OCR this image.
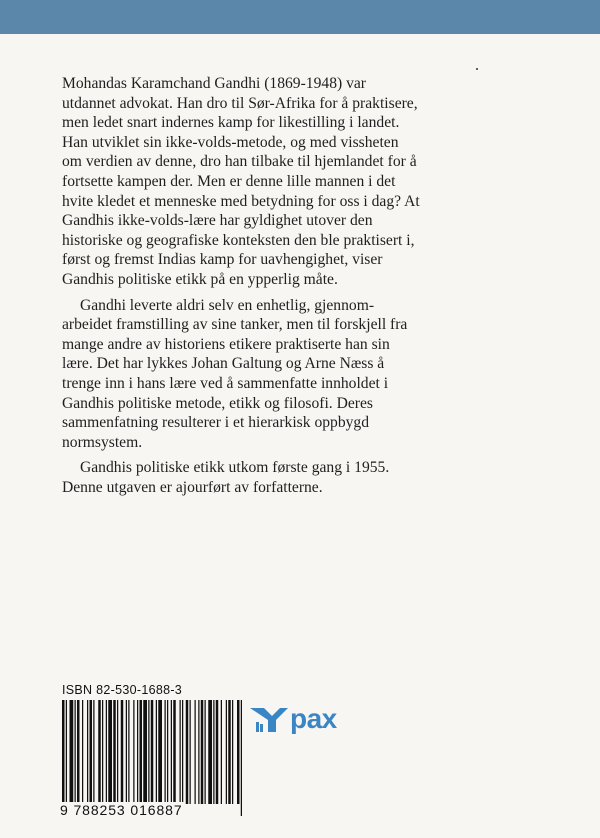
Mohandas Karamchand Gandhi (1869-1948) var utdannet advokat. Han dro til Sør-Afrika for å praktisere, men ledet snart indernes kamp for likestilling i landet. Han utviklet sin ikke-volds-metode, og med vissheten om verdien av denne, dro han tilbake til hjemlandet for å fortsette kampen der. Men er denne lille mannen i det hvite kledet et menneske med betydning for oss i dag? At Gandhis ikke-volds-lære har gyldighet utover den historiske og geografiske konteksten den ble praktisert i, først og fremst Indias kamp for uavhengighet, viser Gandhis politiske etikk på en ypperlig måte.

Gandhi leverte aldri selv en enhetlig, gjennom-arbeidet framstilling av sine tanker, men til forskjell fra mange andre av historiens etikere praktiserte han sin lære. Det har lykkes Johan Galtung og Arne Næss å trenge inn i hans lære ved å sammenfatte innholdet i Gandhis politiske metode, etikk og filosofi. Deres sammenfatning resulterer i et hierarkisk oppbygd normsystem.

Gandhis politiske etikk utkom første gang i 1955. Denne utgaven er ajourført av forfatterne.

ISBN 82-530-1688-3
9 788253 016887
pax
